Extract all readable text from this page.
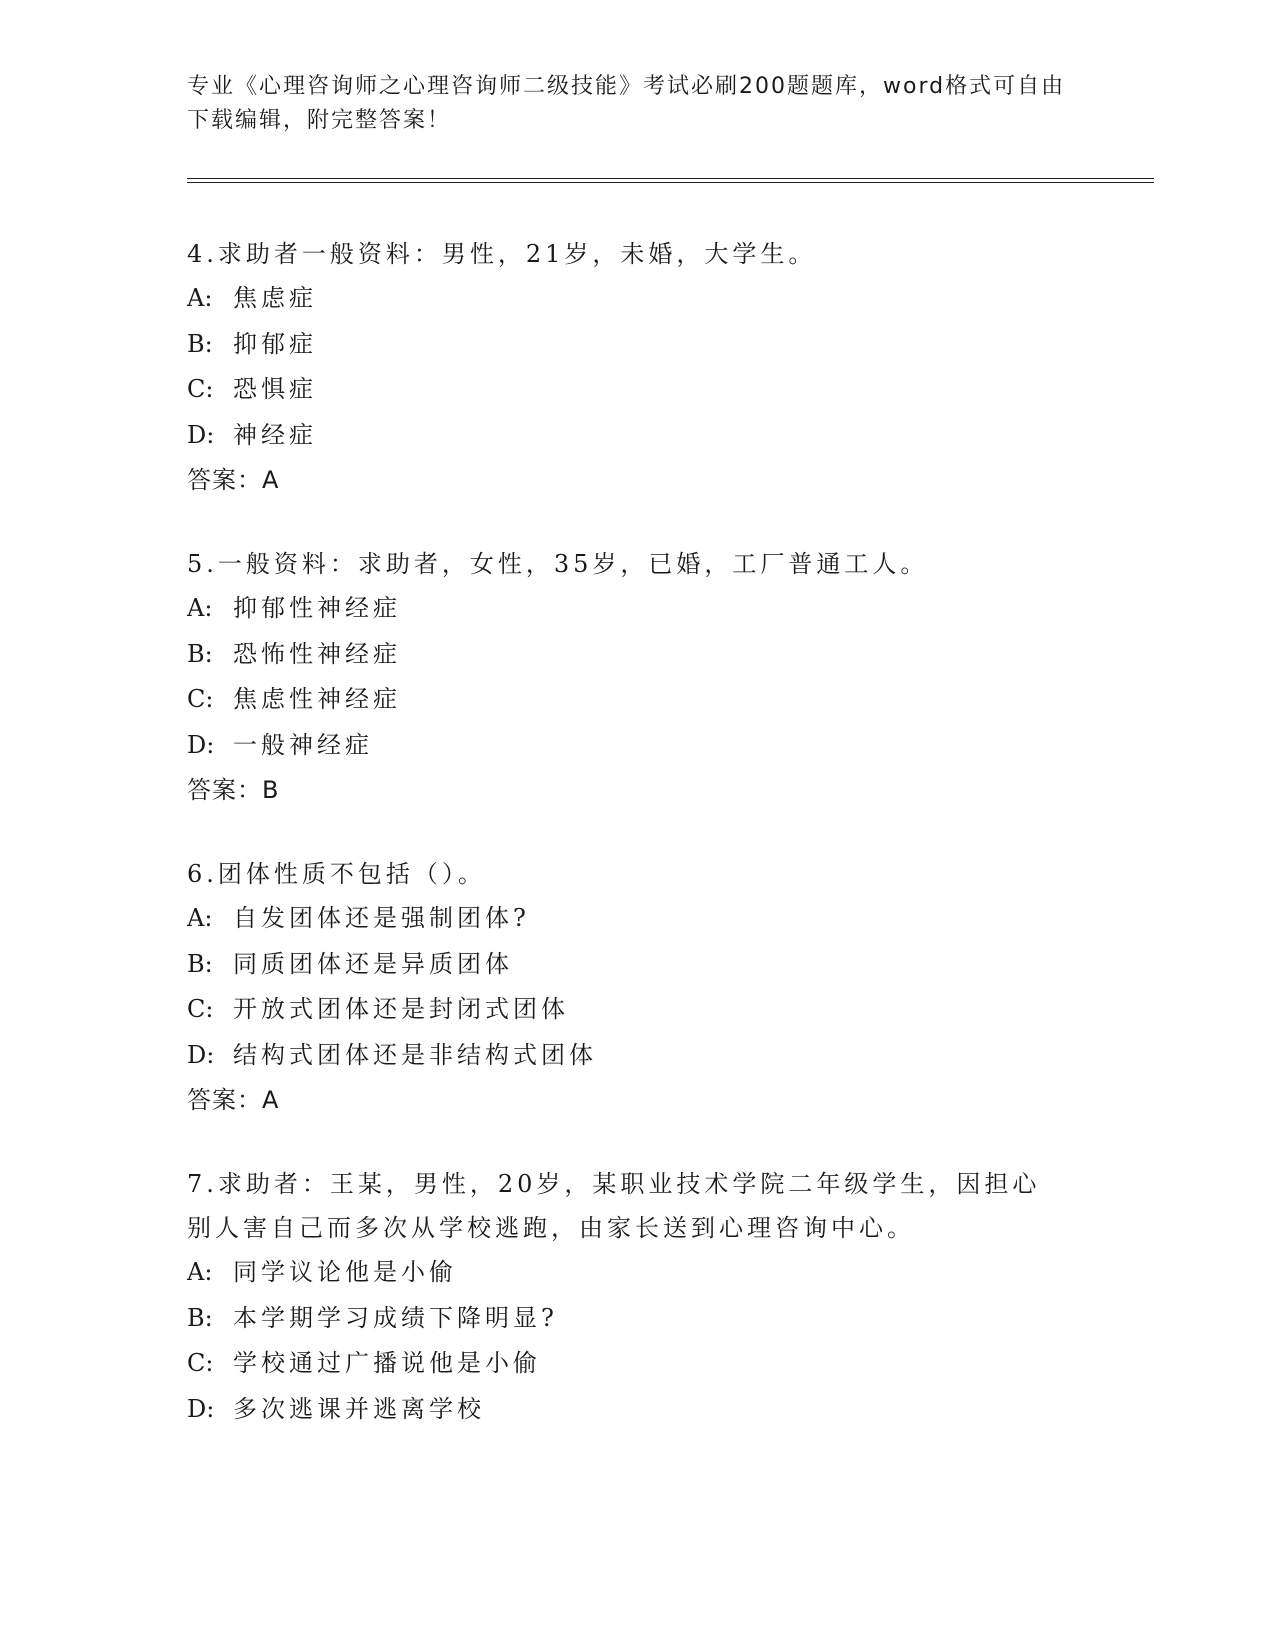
专业《心理咨询师之心理咨询师二级技能》考试必刷200题题库，word格式可自由下载编辑，附完整答案！
4.求助者一般资料：男性，21岁，未婚，大学生。
A: 焦虑症
B: 抑郁症
C: 恐惧症
D: 神经症
答案：A
5.一般资料：求助者，女性，35岁，已婚，工厂普通工人。
A: 抑郁性神经症
B: 恐怖性神经症
C: 焦虑性神经症
D: 一般神经症
答案：B
6.团体性质不包括（）。
A: 自发团体还是强制团体?
B: 同质团体还是异质团体
C: 开放式团体还是封闭式团体
D: 结构式团体还是非结构式团体
答案：A
7.求助者：王某，男性，20岁，某职业技术学院二年级学生，因担心别人害自己而多次从学校逃跑，由家长送到心理咨询中心。
A: 同学议论他是小偷
B: 本学期学习成绩下降明显?
C: 学校通过广播说他是小偷
D: 多次逃课并逃离学校
